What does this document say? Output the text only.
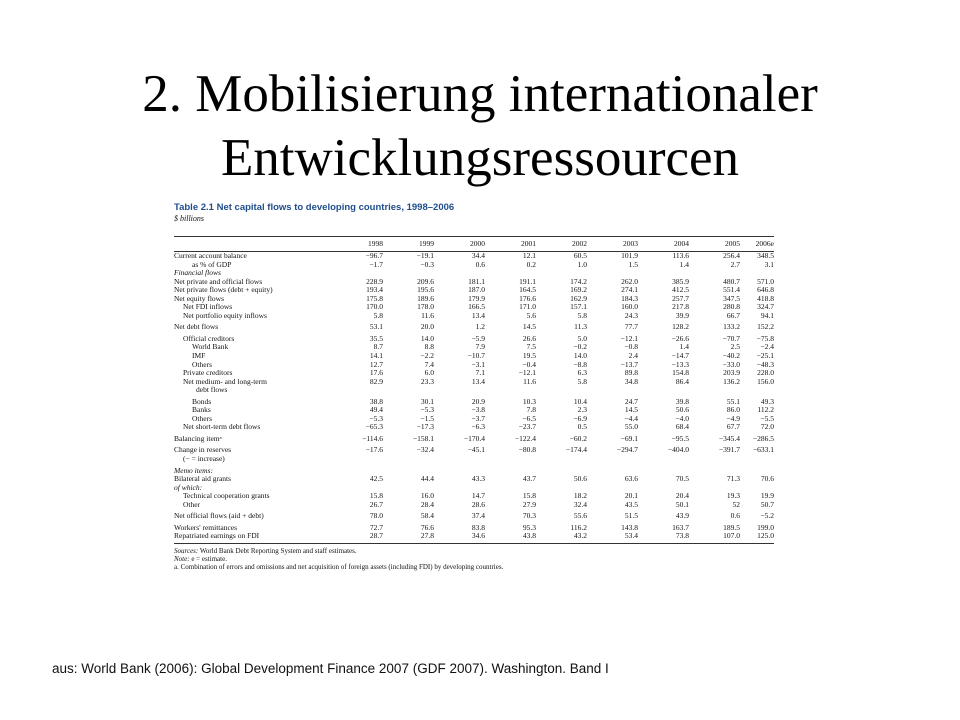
2. Mobilisierung internationaler
Entwicklungsressourcen
Table 2.1 Net capital flows to developing countries, 1998–2006
$ billions
		1998	1999	2000	2001	2002	2003	2004	2005	2006e	
Current account balance		−96.7	−19.1	34.4	12.1	60.5	101.9	113.6	256.4	348.5	
as % of GDP		−1.7	−0.3	0.6	0.2	1.0	1.5	1.4	2.7	3.1	
Financial flows											
Net private and official flows		228.9	209.6	181.1	191.1	174.2	262.0	385.9	480.7	571.0	
Net private flows (debt + equity)		193.4	195.6	187.0	164.5	169.2	274.1	412.5	551.4	646.8	
Net equity flows		175.8	189.6	179.9	176.6	162.9	184.3	257.7	347.5	418.8	
Net FDI inflows		170.0	178.0	166.5	171.0	157.1	160.0	217.8	280.8	324.7	
Net portfolio equity inflows		5.8	11.6	13.4	5.6	5.8	24.3	39.9	66.7	94.1	
Net debt flows		53.1	20.0	1.2	14.5	11.3	77.7	128.2	133.2	152.2	
Official creditors		35.5	14.0	−5.9	26.6	5.0	−12.1	−26.6	−70.7	−75.8	
World Bank		8.7	8.8	7.9	7.5	−0.2	−0.8	1.4	2.5	−2.4	
IMF		14.1	−2.2	−10.7	19.5	14.0	2.4	−14.7	−40.2	−25.1	
Others		12.7	7.4	−3.1	−0.4	−8.8	−13.7	−13.3	−33.0	−48.3	
Private creditors		17.6	6.0	7.1	−12.1	6.3	89.8	154.8	203.9	228.0	
Net medium- and long-term		82.9	23.3	13.4	11.6	5.8	34.8	86.4	136.2	156.0	
debt flows											
Bonds		38.8	30.1	20.9	10.3	10.4	24.7	39.8	55.1	49.3	
Banks		49.4	−5.3	−3.8	7.8	2.3	14.5	50.6	86.0	112.2	
Others		−5.3	−1.5	−3.7	−6.5	−6.9	−4.4	−4.0	−4.9	−5.5	
Net short-term debt flows		−65.3	−17.3	−6.3	−23.7	0.5	55.0	68.4	67.7	72.0	
Balancing itemᵃ		−114.6	−158.1	−170.4	−122.4	−60.2	−69.1	−95.5	−345.4	−286.5	
Change in reserves		−17.6	−32.4	−45.1	−80.8	−174.4	−294.7	−404.0	−391.7	−633.1	
(− = increase)											
Memo items:											
Bilateral aid grants		42.5	44.4	43.3	43.7	50.6	63.6	70.5	71.3	70.6	
of which:											
Technical cooperation grants		15.8	16.0	14.7	15.8	18.2	20.1	20.4	19.3	19.9	
Other		26.7	28.4	28.6	27.9	32.4	43.5	50.1	52	50.7	
Net official flows (aid + debt)		78.0	58.4	37.4	70.3	55.6	51.5	43.9	0.6	−5.2	
Workers' remittances		72.7	76.6	83.8	95.3	116.2	143.8	163.7	189.5	199.0	
Repatriated earnings on FDI		28.7	27.8	34.6	43.8	43.2	53.4	73.8	107.0	125.0	
Sources: World Bank Debt Reporting System and staff estimates.
Note: e = estimate.
a. Combination of errors and omissions and net acquisition of foreign assets (including FDI) by developing countries.
aus: World Bank (2006): Global Development Finance 2007 (GDF 2007). Washington. Band I
